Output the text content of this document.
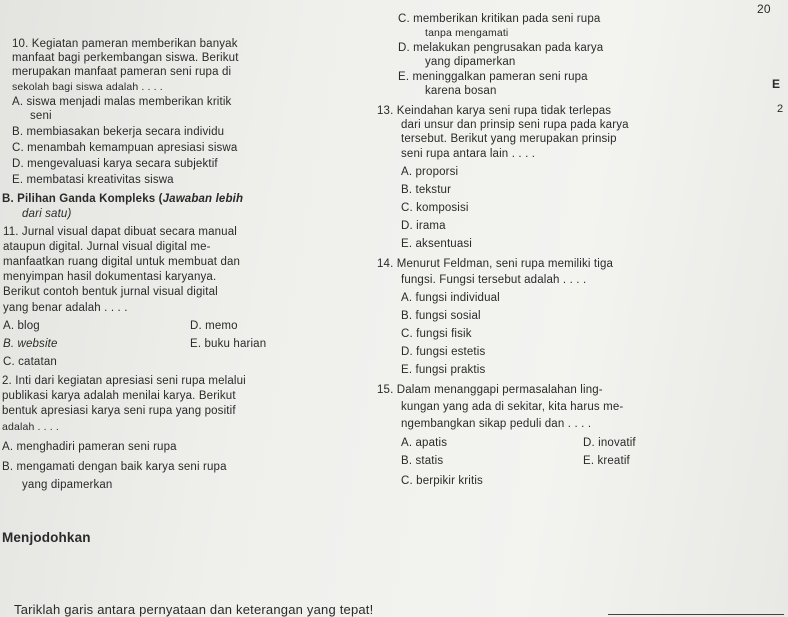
20
E
2
10. Kegiatan pameran memberikan banyak
manfaat bagi perkembangan siswa. Berikut
merupakan manfaat pameran seni rupa di
sekolah bagi siswa adalah . . . .
A. siswa menjadi malas memberikan kritik
seni
B. membiasakan bekerja secara individu
C. menambah kemampuan apresiasi siswa
D. mengevaluasi karya secara subjektif
E. membatasi kreativitas siswa
B. Pilihan Ganda Kompleks (Jawaban lebih
dari satu)
11. Jurnal visual dapat dibuat secara manual
ataupun digital. Jurnal visual digital me-
manfaatkan ruang digital untuk membuat dan
menyimpan hasil dokumentasi karyanya.
Berikut contoh bentuk jurnal visual digital
yang benar adalah . . . .
A. blog
B. website
C. catatan
D. memo
E. buku harian
2. Inti dari kegiatan apresiasi seni rupa melalui
publikasi karya adalah menilai karya. Berikut
bentuk apresiasi karya seni rupa yang positif
adalah . . . .
A. menghadiri pameran seni rupa
B. mengamati dengan baik karya seni rupa
yang dipamerkan
Menjodohkan
C. memberikan kritikan pada seni rupa
tanpa mengamati
D. melakukan pengrusakan pada karya
yang dipamerkan
E. meninggalkan pameran seni rupa
karena bosan
13. Keindahan karya seni rupa tidak terlepas
dari unsur dan prinsip seni rupa pada karya
tersebut. Berikut yang merupakan prinsip
seni rupa antara lain . . . .
A. proporsi
B. tekstur
C. komposisi
D. irama
E. aksentuasi
14. Menurut Feldman, seni rupa memiliki tiga
fungsi. Fungsi tersebut adalah . . . .
A. fungsi individual
B. fungsi sosial
C. fungsi fisik
D. fungsi estetis
E. fungsi praktis
15. Dalam menanggapi permasalahan ling-
kungan yang ada di sekitar, kita harus me-
ngembangkan sikap peduli dan . . . .
A. apatis
B. statis
C. berpikir kritis
D. inovatif
E. kreatif
Tariklah garis antara pernyataan dan keterangan yang tepat!
